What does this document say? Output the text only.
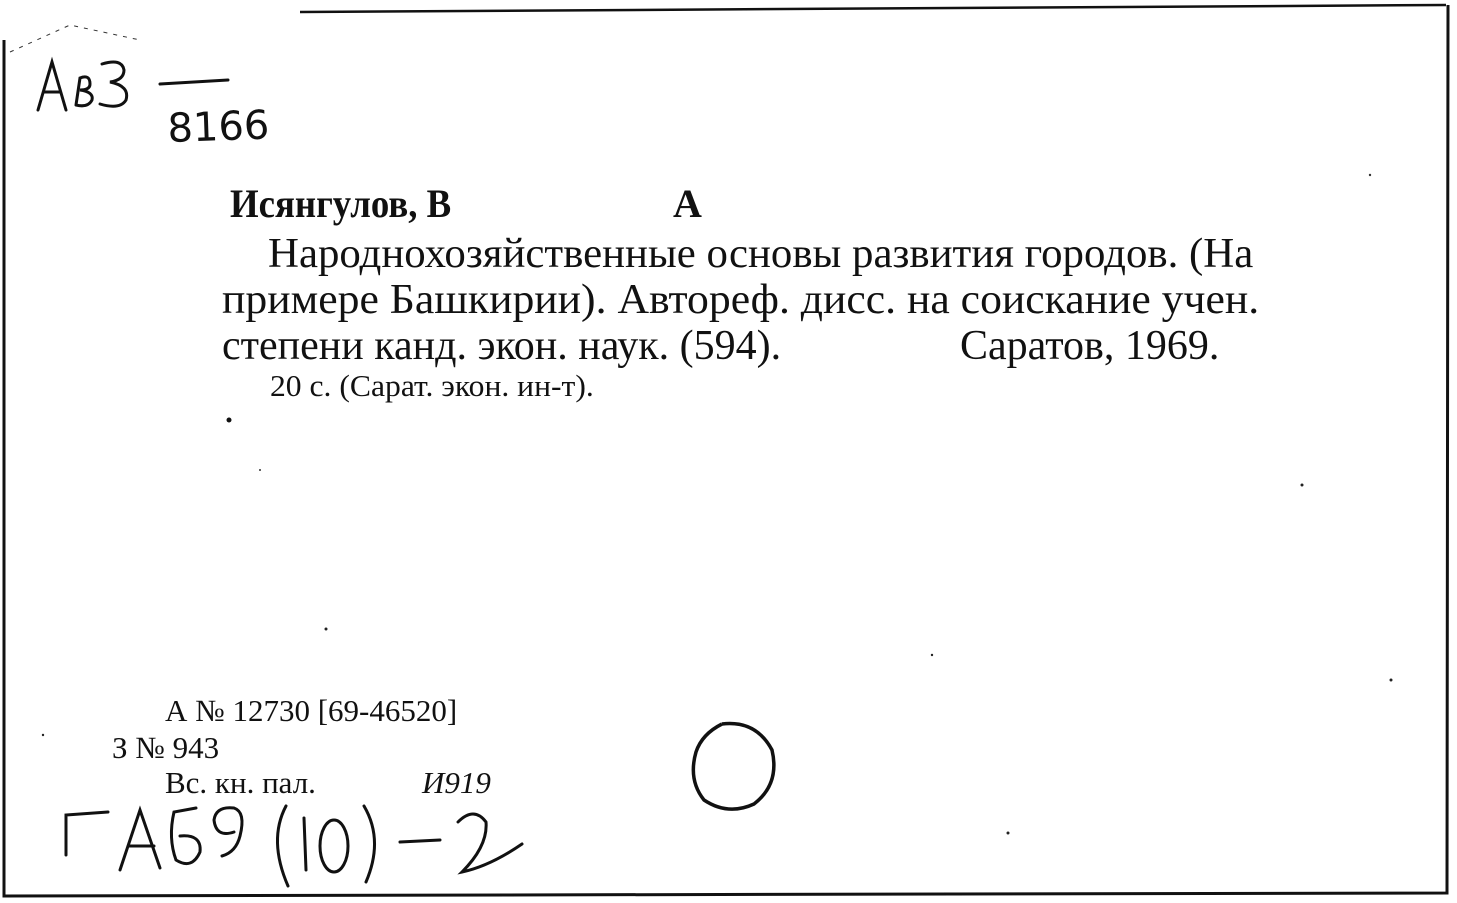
8166
Исянгулов, В	А
Народнохозяйственные основы развития городов. (На
примере Башкирии). Автореф. дисс. на соискание учен.
степени канд. экон. наук. (594).	Саратов, 1969.
20 с. (Сарат. экон. ин-т).
А № 12730 [69-46520]
З № 943
Вс. кн. пал.	И919
